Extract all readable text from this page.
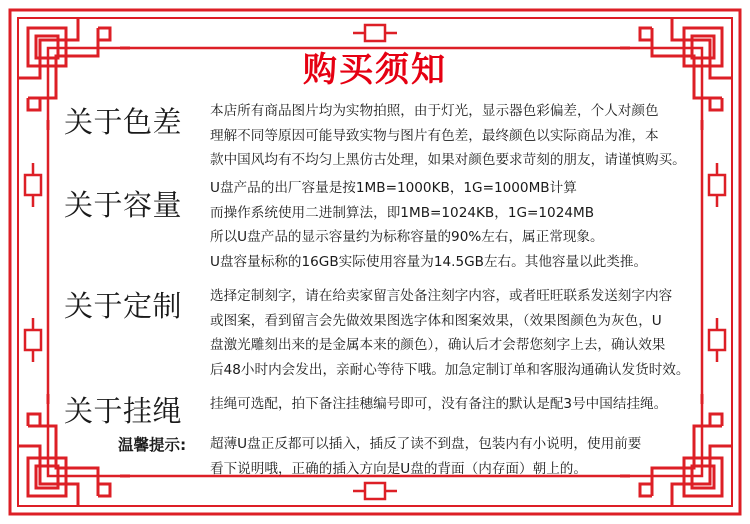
购买须知
关于色差 本店所有商品图片均为实物拍照，由于灯光，显示器色彩偏差，个人对颜色
理解不同等原因可能导致实物与图片有色差，最终颜色以实际商品为准，本
款中国风均有不均匀上黑仿古处理，如果对颜色要求苛刻的朋友，请谨慎购买。
关于容量 U盘产品的出厂容量是按1MB=1000KB，1G=1000MB计算
而操作系统使用二进制算法，即1MB=1024KB，1G=1024MB
所以U盘产品的显示容量约为标称容量的90%左右，属正常现象。
U盘容量标称的16GB实际使用容量为14.5GB左右。其他容量以此类推。
关于定制 选择定制刻字，请在给卖家留言处备注刻字内容，或者旺旺联系发送刻字内容
或图案，看到留言会先做效果图选字体和图案效果，（效果图颜色为灰色，U
盘激光雕刻出来的是金属本来的颜色），确认后才会帮您刻字上去，确认效果
后48小时内会发出，亲耐心等待下哦。加急定制订单和客服沟通确认发货时效。
关于挂绳 挂绳可选配，拍下备注挂穗编号即可，没有备注的默认是配3号中国结挂绳。
温馨提示: 超薄U盘正反都可以插入，插反了读不到盘，包装内有小说明，使用前要
看下说明哦，正确的插入方向是U盘的背面（内存面）朝上的。
